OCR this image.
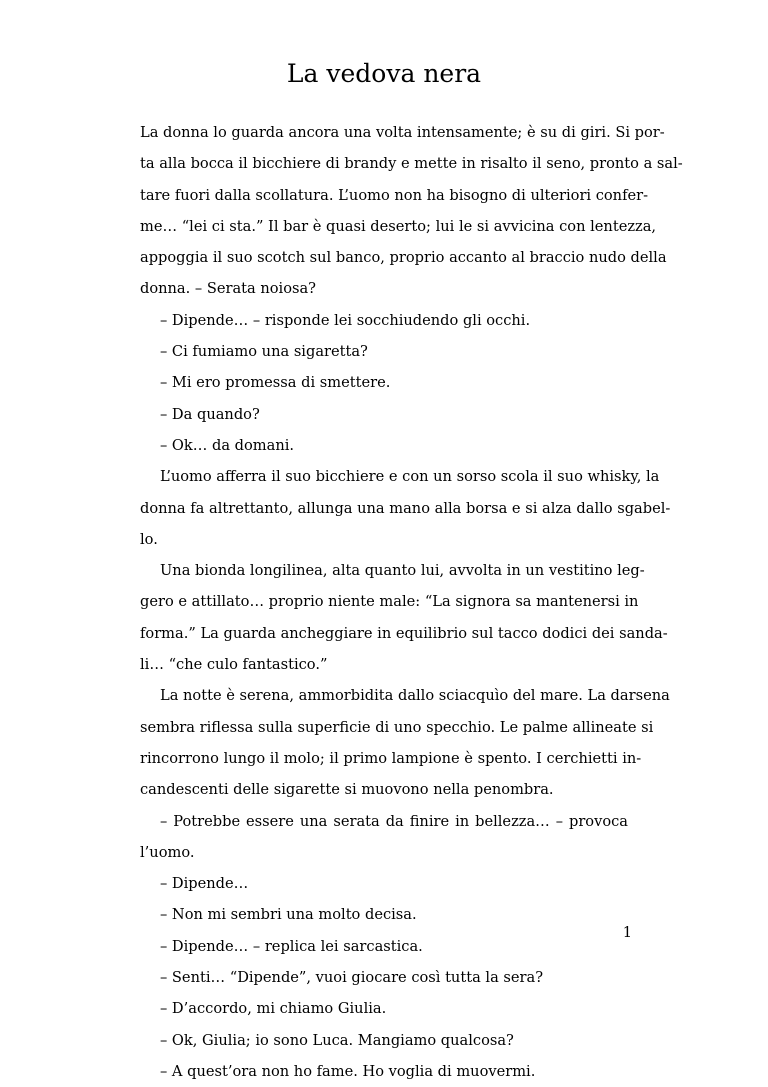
La vedova nera
La donna lo guarda ancora una volta intensamente; è su di giri. Si por-
ta alla bocca il bicchiere di brandy e mette in risalto il seno, pronto a sal-
tare fuori dalla scollatura. L’uomo non ha bisogno di ulteriori confer-
me… “lei ci sta.” Il bar è quasi deserto; lui le si avvicina con lentezza,
appoggia il suo scotch sul banco, proprio accanto al braccio nudo della
donna. – Serata noiosa?
– Dipende… – risponde lei socchiudendo gli occhi.
– Ci fumiamo una sigaretta?
– Mi ero promessa di smettere.
– Da quando?
– Ok… da domani.
L’uomo afferra il suo bicchiere e con un sorso scola il suo whisky, la
donna fa altrettanto, allunga una mano alla borsa e si alza dallo sgabel-
lo.
Una bionda longilinea, alta quanto lui, avvolta in un vestitino leg-
gero e attillato… proprio niente male: “La signora sa mantenersi in
forma.” La guarda ancheggiare in equilibrio sul tacco dodici dei sanda-
li… “che culo fantastico.”
La notte è serena, ammorbidita dallo sciacquìo del mare. La darsena
sembra riflessa sulla superficie di uno specchio. Le palme allineate si
rincorrono lungo il molo; il primo lampione è spento. I cerchietti in-
candescenti delle sigarette si muovono nella penombra.
– Potrebbe essere una serata da finire in bellezza… – provoca
l’uomo.
– Dipende…
– Non mi sembri una molto decisa.
– Dipende… – replica lei sarcastica.
– Senti… “Dipende”, vuoi giocare così tutta la sera?
– D’accordo, mi chiamo Giulia.
– Ok, Giulia; io sono Luca. Mangiamo qualcosa?
– A quest’ora non ho fame. Ho voglia di muovermi.
1
